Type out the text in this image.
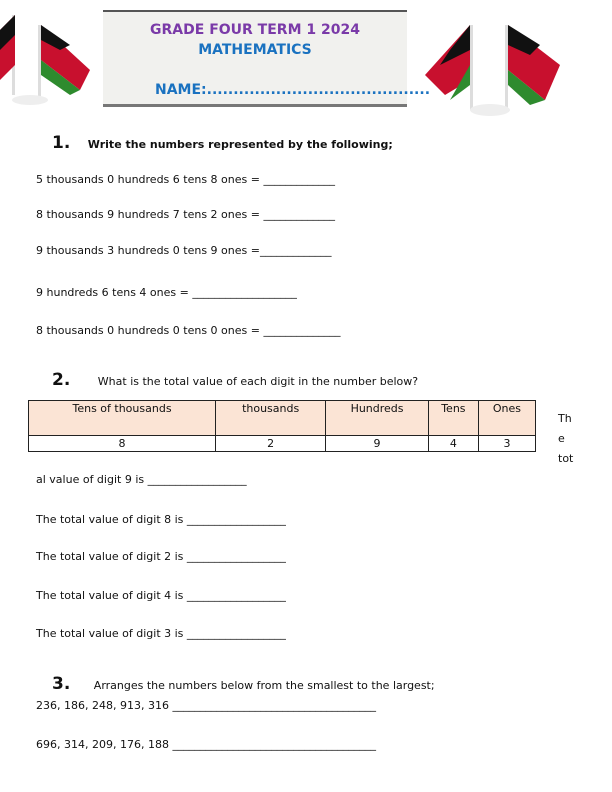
GRADE FOUR TERM 1 2024
MATHEMATICS
NAME:..........................................
1. Write the numbers represented by the following;
5 thousands 0 hundreds 6 tens 8 ones = _____________
8 thousands 9 hundreds 7 tens 2 ones = _____________
9 thousands 3 hundreds 0 tens 9 ones =_____________
9 hundreds 6 tens 4 ones = ___________________
8 thousands 0 hundreds 0 tens 0 ones = ______________
2.	What is the total value of each digit in the number below?
Tens of thousands	thousands	Hundreds	Tens	Ones
8	2	9	4	3
Th
e
tot
al value of digit 9 is __________________
The total value of digit 8 is __________________
The total value of digit 2 is __________________
The total value of digit 4 is __________________
The total value of digit 3 is __________________
3. Arranges the numbers below from the smallest to the largest;
236, 186, 248, 913, 316 _____________________________________
696, 314, 209, 176, 188 _____________________________________
